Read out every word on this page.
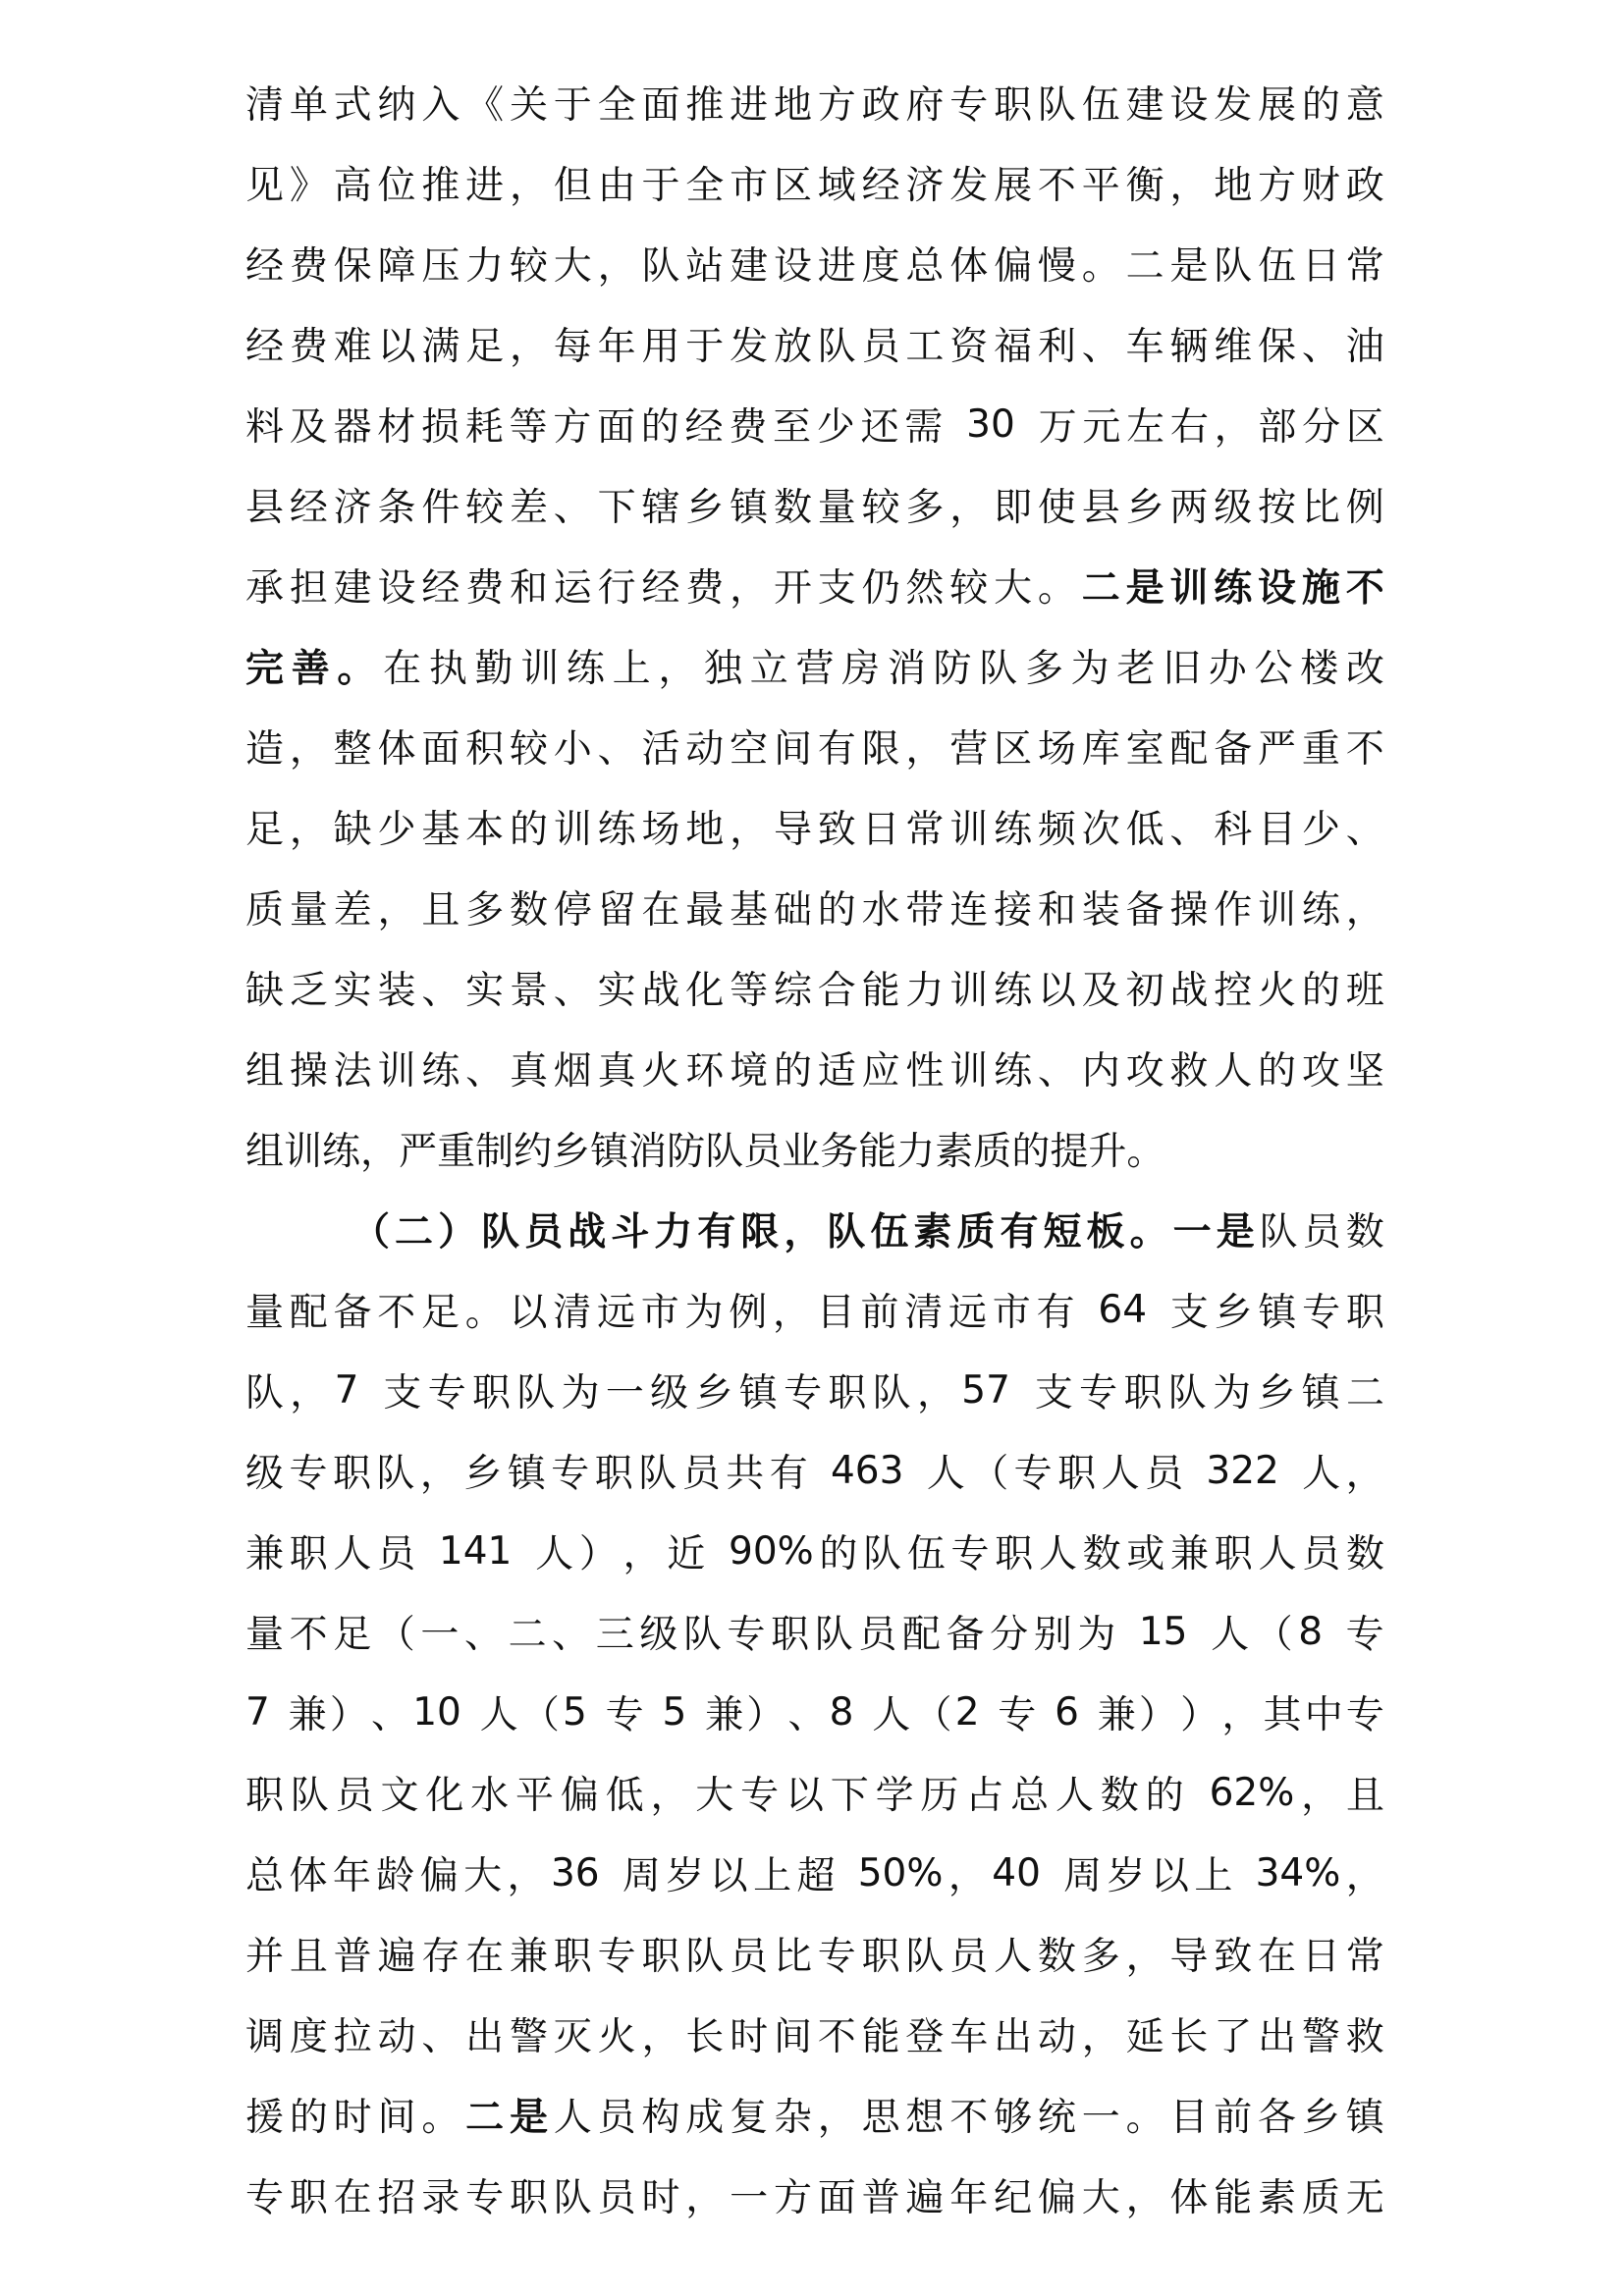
清 单 式 纳 入 《 关 于 全 面 推 进 地 方 政 府 专 职 队 伍 建 设 发 展 的 意
见 》 高 位 推 进 ， 但 由 于 全 市 区 域 经 济 发 展 不 平 衡 ， 地 方 财 政
经 费 保 障 压 力 较 大 ， 队 站 建 设 进 度 总 体 偏 慢 。 二 是 队 伍 日 常
经 费 难 以 满 足 ， 每 年 用 于 发 放 队 员 工 资 福 利 、 车 辆 维 保 、 油
料 及 器 材 损 耗 等 方 面 的 经 费 至 少 还 需
30
万 元 左 右 ， 部 分 区
县 经 济 条 件 较 差 、 下 辖 乡 镇 数 量 较 多 ， 即 使 县 乡 两 级 按 比 例
承 担 建 设 经 费 和 运 行 经 费 ， 开 支 仍 然 较 大 。 二 是 训 练 设 施 不
完 善 。 在 执 勤 训 练 上 ， 独 立 营 房 消 防 队 多 为 老 旧 办 公 楼 改
造 ， 整 体 面 积 较 小 、 活 动 空 间 有 限 ， 营 区 场 库 室 配 备 严 重 不
足 ， 缺 少 基 本 的 训 练 场 地 ， 导 致 日 常 训 练 频 次 低 、 科 目 少 、
质 量 差 ， 且 多 数 停 留 在 最 基 础 的 水 带 连 接 和 装 备 操 作 训 练 ，
缺 乏 实 装 、 实 景 、 实 战 化 等 综 合 能 力 训 练 以 及 初 战 控 火 的 班
组 操 法 训 练 、 真 烟 真 火 环 境 的 适 应 性 训 练 、 内 攻 救 人 的 攻 坚
组 训 练 ， 严 重 制 约 乡 镇 消 防 队 员 业 务 能 力 素 质 的 提 升 。
（ 二 ） 队 员 战 斗 力 有 限 ， 队 伍 素 质 有 短 板 。 一 是 队 员 数
量 配 备 不 足 。 以 清 远 市 为 例 ， 目 前 清 远 市 有
64
支 乡 镇 专 职
队 ， 7
支 专 职 队 为 一 级 乡 镇 专 职 队 ， 57
支 专 职 队 为 乡 镇 二
级 专 职 队 ， 乡 镇 专 职 队 员 共 有
463
人 （ 专 职 人 员
322
人 ，
兼 职 人 员
141
人 ） ， 近
90% 的 队 伍 专 职 人 数 或 兼 职 人 员 数
量 不 足 （ 一 、 二 、 三 级 队 专 职 队 员 配 备 分 别 为
15
人 （ 8
专
7
兼 ） 、 10
人 （ 5
专
5
兼 ） 、 8
人 （ 2
专
6
兼 ） ） ， 其 中 专
职 队 员 文 化 水 平 偏 低 ， 大 专 以 下 学 历 占 总 人 数 的
62% ， 且
总 体 年 龄 偏 大 ， 36
周 岁 以 上 超
50% ， 40
周 岁 以 上
34% ，
并 且 普 遍 存 在 兼 职 专 职 队 员 比 专 职 队 员 人 数 多 ， 导 致 在 日 常
调 度 拉 动 、 出 警 灭 火 ， 长 时 间 不 能 登 车 出 动 ， 延 长 了 出 警 救
援 的 时 间 。 二 是 人 员 构 成 复 杂 ， 思 想 不 够 统 一 。 目 前 各 乡 镇
专 职 在 招 录 专 职 队 员 时 ， 一 方 面 普 遍 年 纪 偏 大 ， 体 能 素 质 无
